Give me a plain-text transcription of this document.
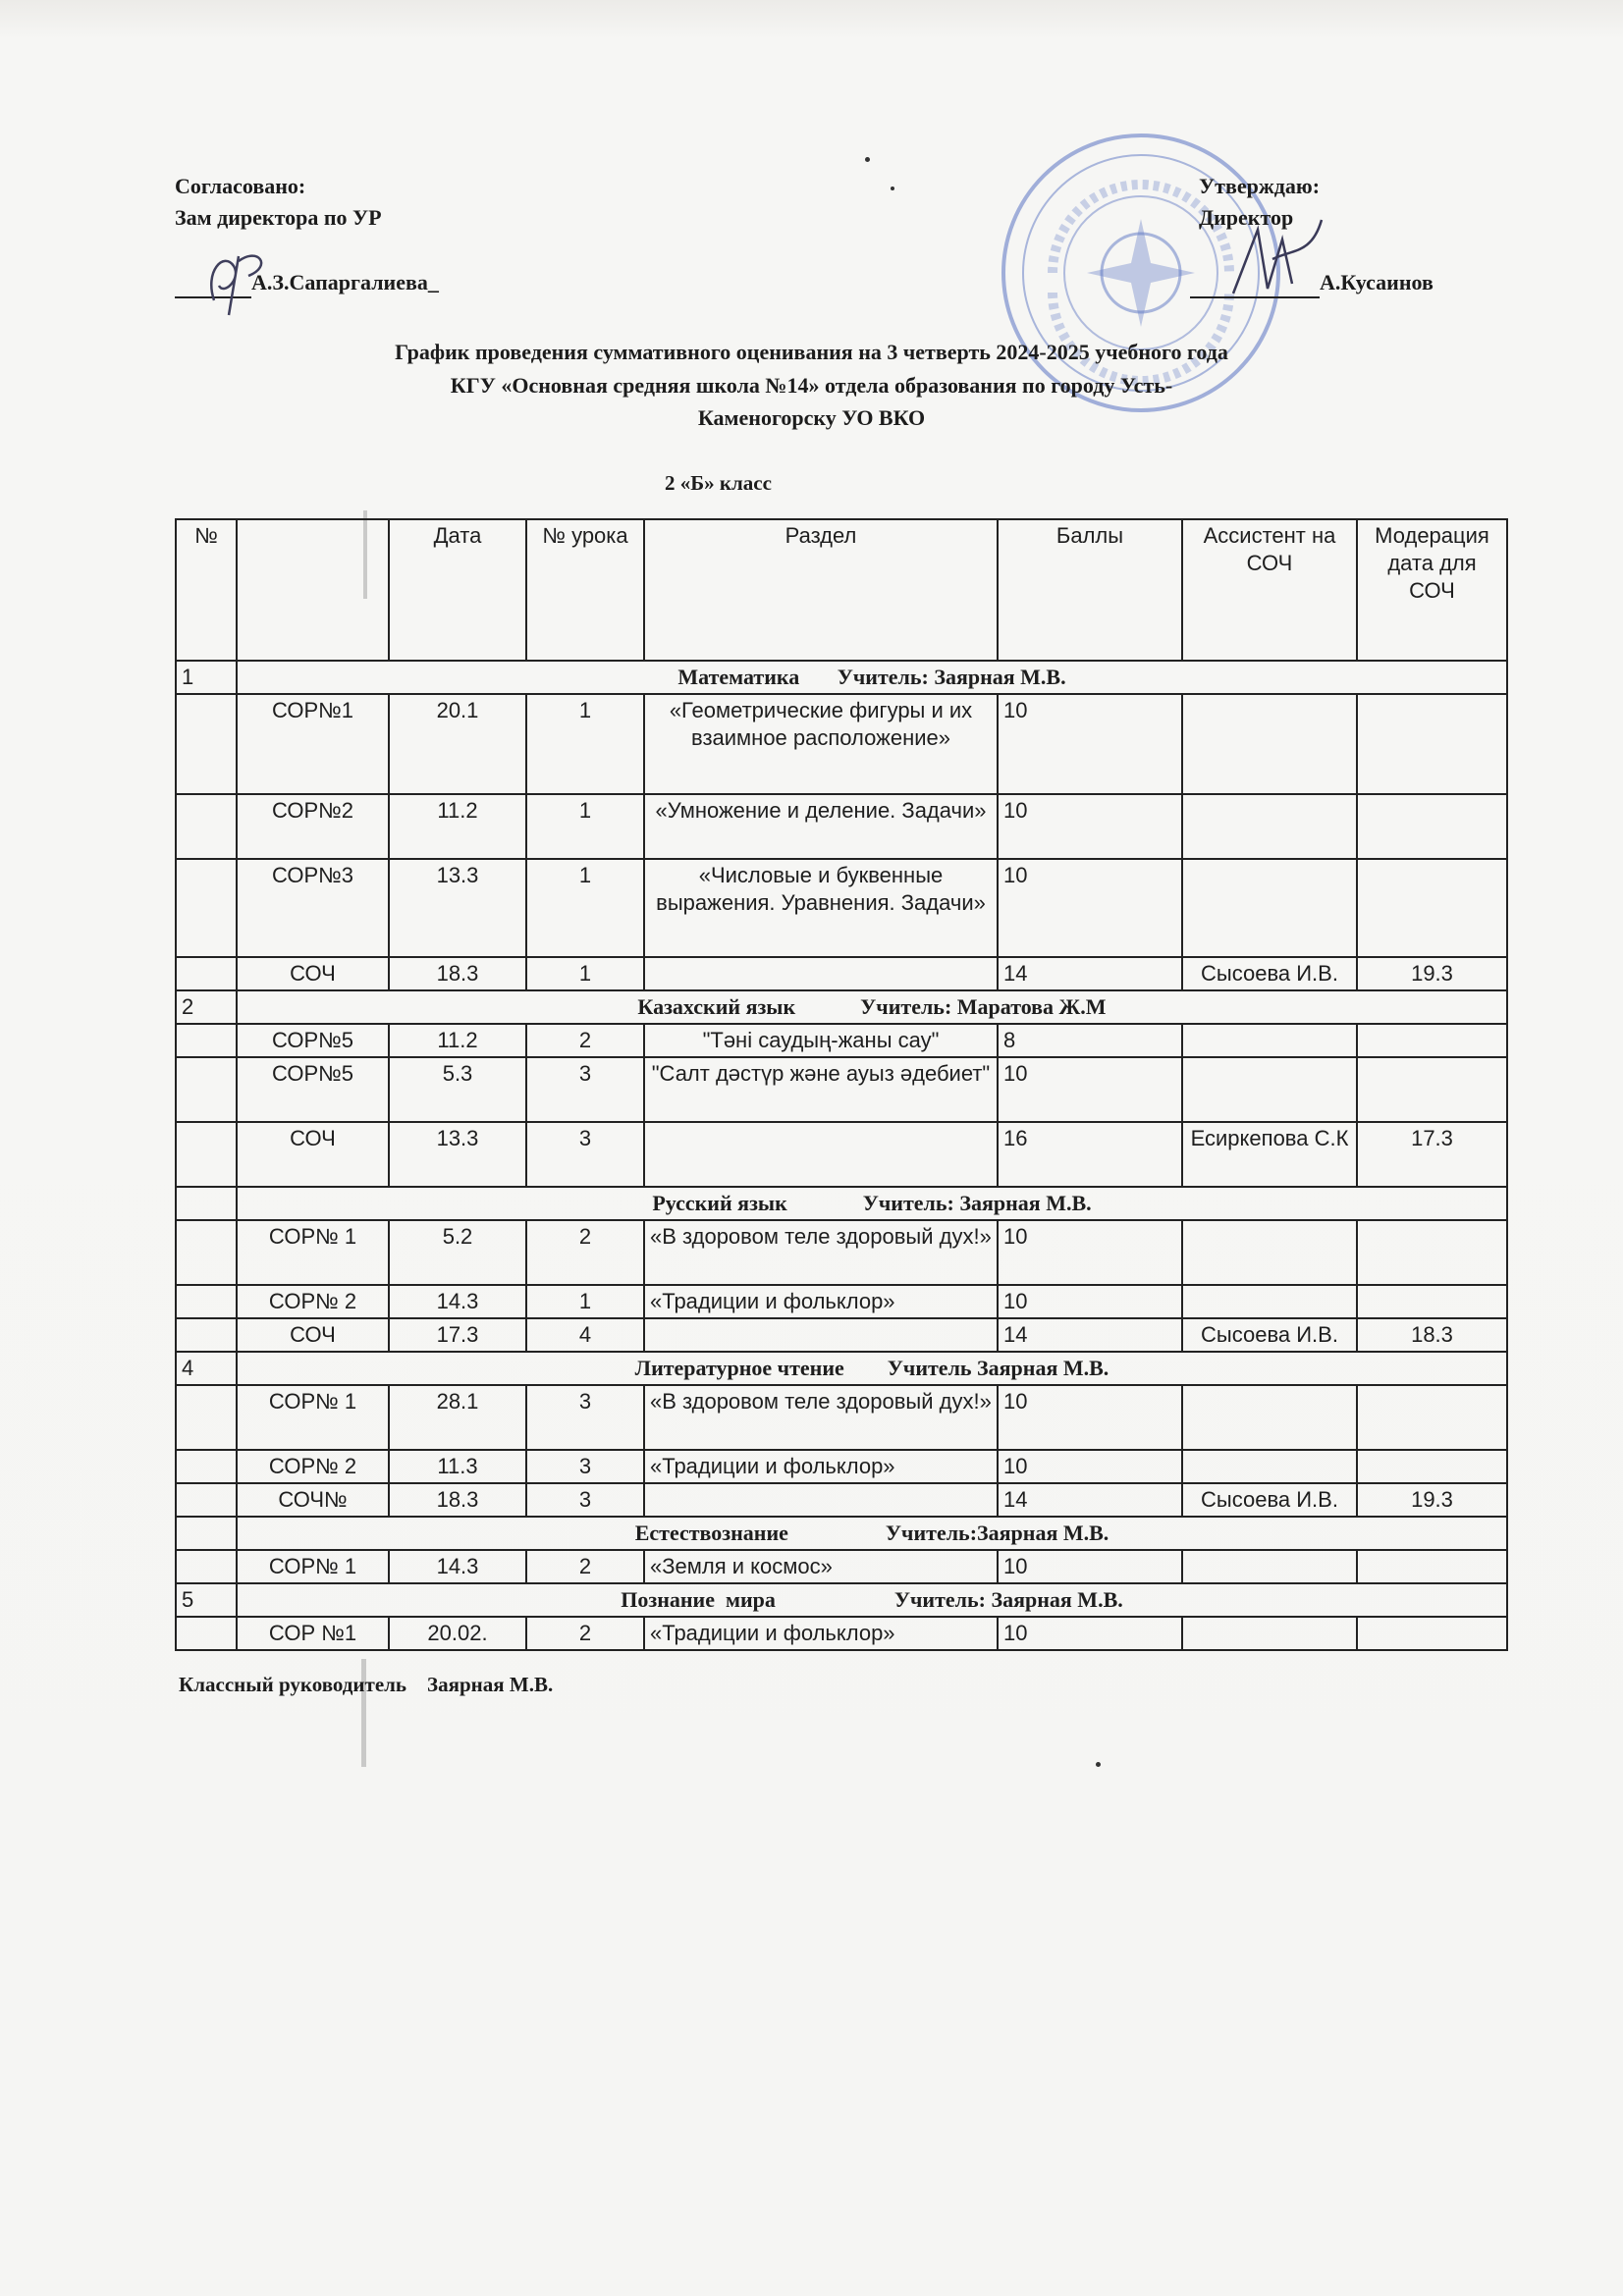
Согласовано:
Зам директора по УР
А.З.Сапаргалиева_
Утверждаю:
Директор
А.Кусаинов
График проведения суммативного оценивания на 3 четверть 2024-2025 учебного года
КГУ «Основная средняя школа №14» отдела образования по городу Усть-
Каменогорску УО ВКО
2 «Б» класс
№		Дата	№ урока	Раздел	Баллы	Ассистент на СОЧ	Модерация дата для СОЧ
1	Математика       Учитель: Заярная М.В.						
	СОР№1	20.1	1	«Геометрические фигуры и их взаимное расположение»	10		
	СОР№2	11.2	1	«Умножение и деление. Задачи»	10		
	СОР№3	13.3	1	«Числовые и буквенные выражения. Уравнения. Задачи»	10		
	СОЧ	18.3	1		14	Сысоева И.В.	19.3
2	Казахский язык            Учитель: Маратова Ж.М						
	СОР№5	11.2	2	"Тәні саудың-жаны сау"	8		
	СОР№5	5.3	3	"Салт дәстүр және ауыз әдебиет"	10		
	СОЧ	13.3	3		16	Есиркепова С.К	17.3
	Русский язык              Учитель: Заярная М.В.						
	СОР№ 1	5.2	2	«В здоровом теле здоровый дух!»	10		
	СОР№ 2	14.3	1	«Традиции и фольклор»	10		
	СОЧ	17.3	4		14	Сысоева И.В.	18.3
4	Литературное чтение        Учитель Заярная М.В.						
	СОР№ 1	28.1	3	«В здоровом теле здоровый дух!»	10		
	СОР№ 2	11.3	3	«Традиции и фольклор»	10		
	СОЧ№	18.3	3		14	Сысоева И.В.	19.3
	Естествознание                  Учитель:Заярная М.В.						
	СОР№ 1	14.3	2	«Земля и космос»	10		
5	Познание  мира                      Учитель: Заярная М.В.						
	СОР №1	20.02.	2	«Традиции и фольклор»	10		
Классный руководитель    Заярная М.В.
